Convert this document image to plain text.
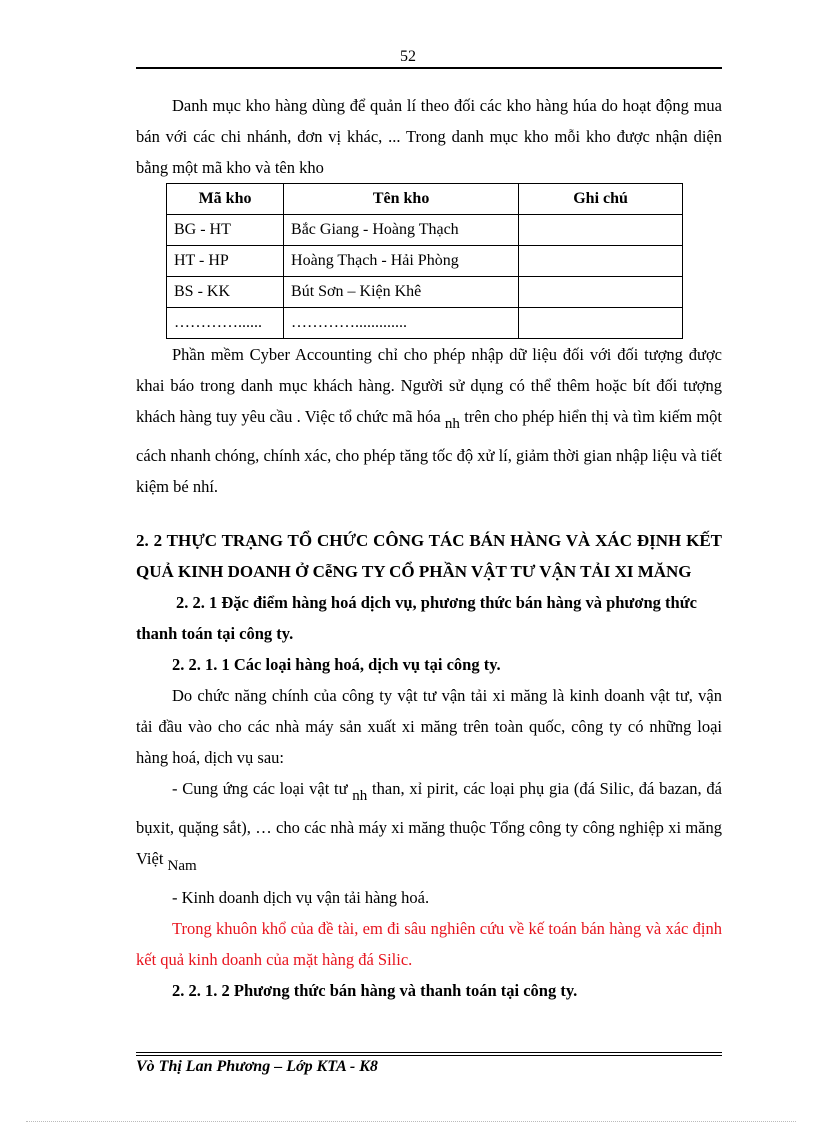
52

Danh mục kho hàng dùng để quản lí theo đối các kho hàng húa do hoạt động mua bán với các chi nhánh, đơn vị khác, ... Trong danh mục kho mỗi kho được nhận diện bằng một mã kho và tên kho

Mã kho	Tên kho	Ghi chú
BG - HT	Bắc Giang - Hoàng Thạch	
HT - HP	Hoàng Thạch - Hải Phòng	
BS - KK	Bút Sơn – Kiện Khê	
…………......	………….............	

Phần mềm Cyber Accounting chỉ cho phép nhập dữ liệu đối với đối tượng được khai báo trong danh mục khách hàng. Người sử dụng có thể thêm hoặc bít đối tượng khách hàng tuy yêu cầu . Việc tổ chức mã hóa nh trên cho phép hiển thị và tìm kiếm một cách nhanh chóng, chính xác, cho phép tăng tốc độ xử lí, giảm thời gian nhập liệu và tiết kiệm bé nhí.

2. 2 THỰC TRẠNG TỔ CHỨC CÔNG TÁC BÁN HÀNG VÀ XÁC ĐỊNH KẾT QUẢ KINH DOANH Ở CễNG TY CỔ PHẦN VẬT TƯ VẬN TẢI XI MĂNG
2. 2. 1 Đặc điểm hàng hoá dịch vụ, phương thức bán hàng và phương thức thanh toán tại công ty.
2. 2. 1. 1 Các loại hàng hoá, dịch vụ tại công ty.

Do chức năng chính của công ty vật tư vận tải xi măng là kinh doanh vật tư, vận tải đầu vào cho các nhà máy sản xuất xi măng trên toàn quốc, công ty có những loại hàng hoá, dịch vụ sau:

- Cung ứng các loại vật tư nh than, xỉ pirit, các loại phụ gia (đá Silic, đá bazan, đá bụxit, quặng sắt), … cho các nhà máy xi măng thuộc Tổng công ty công nghiệp xi măng Việt Nam

- Kinh doanh dịch vụ vận tải hàng hoá.

Trong khuôn khổ của đề tài, em đi sâu nghiên cứu về kế toán bán hàng và xác định kết quả kinh doanh của mặt hàng đá Silic.

2. 2. 1. 2 Phương thức bán hàng và thanh toán tại công ty.
Vò Thị Lan Phương – Lớp KTA - K8
